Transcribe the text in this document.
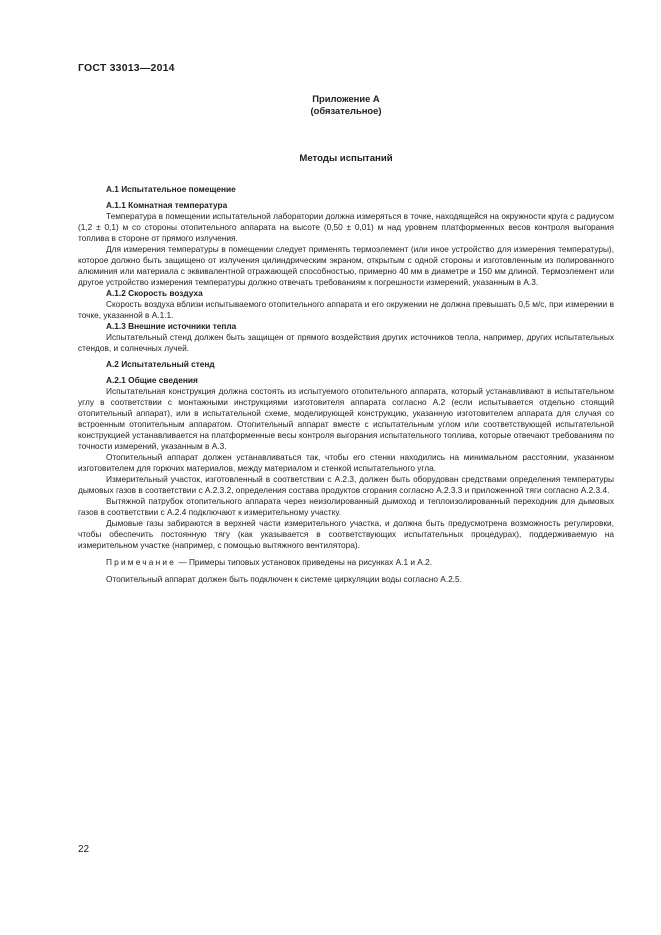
ГОСТ 33013—2014
Приложение А
(обязательное)
Методы испытаний

А.1 Испытательное помещение

А.1.1 Комнатная температура

Температура в помещении испытательной лаборатории должна измеряться в точке, находящейся на окружности круга с радиусом (1,2 ± 0,1) м со стороны отопительного аппарата на высоте (0,50 ± 0,01) м над уровнем платформенных весов контроля выгорания топлива в стороне от прямого излучения.

Для измерения температуры в помещении следует применять термоэлемент (или иное устройство для измерения температуры), которое должно быть защищено от излучения цилиндрическим экраном, открытым с одной стороны и изготовленным из полированного алюминия или материала с эквивалентной отражающей способностью, примерно 40 мм в диаметре и 150 мм длиной. Термоэлемент или другое устройство измерения температуры должно отвечать требованиям к погрешности измерений, указанным в А.3.

А.1.2 Скорость воздуха

Скорость воздуха вблизи испытываемого отопительного аппарата и его окружении не должна превышать 0,5 м/с, при измерении в точке, указанной в А.1.1.

А.1.3 Внешние источники тепла

Испытательный стенд должен быть защищен от прямого воздействия других источников тепла, например, других испытательных стендов, и солнечных лучей.

А.2 Испытательный стенд

А.2.1 Общие сведения

Испытательная конструкция должна состоять из испытуемого отопительного аппарата, который устанавливают в испытательном углу в соответствии с монтажными инструкциями изготовителя аппарата согласно А.2 (если испытывается отдельно стоящий отопительный аппарат), или в испытательной схеме, моделирующей конструкцию, указанную изготовителем аппарата для случая со встроенным отопительным аппаратом. Отопительный аппарат вместе с испытательным углом или соответствующей испытательной конструкцией устанавливается на платформенные весы контроля выгорания испытательного топлива, которые отвечают требованиям по точности измерений, указанным в А.3.

Отопительный аппарат должен устанавливаться так, чтобы его стенки находились на минимальном расстоянии, указанном изготовителем для горючих материалов, между материалом и стенкой испытательного угла.

Измерительный участок, изготовленный в соответствии с А.2.3, должен быть оборудован средствами определения температуры дымовых газов в соответствии с А.2.3.2, определения состава продуктов сгорания согласно А.2.3.3 и приложенной тяги согласно А.2.3.4.

Вытяжной патрубок отопительного аппарата через неизолированный дымоход и теплоизолированный переходник для дымовых газов в соответствии с А.2.4 подключают к измерительному участку.

Дымовые газы забираются в верхней части измерительного участка, и должна быть предусмотрена возможность регулировки, чтобы обеспечить постоянную тягу (как указывается в соответствующих испытательных процедурах), поддерживаемую на измерительном участке (например, с помощью вытяжного вентилятора).

Примечание — Примеры типовых установок приведены на рисунках А.1 и А.2.

Отопительный аппарат должен быть подключен к системе циркуляции воды согласно А.2.5.

22
